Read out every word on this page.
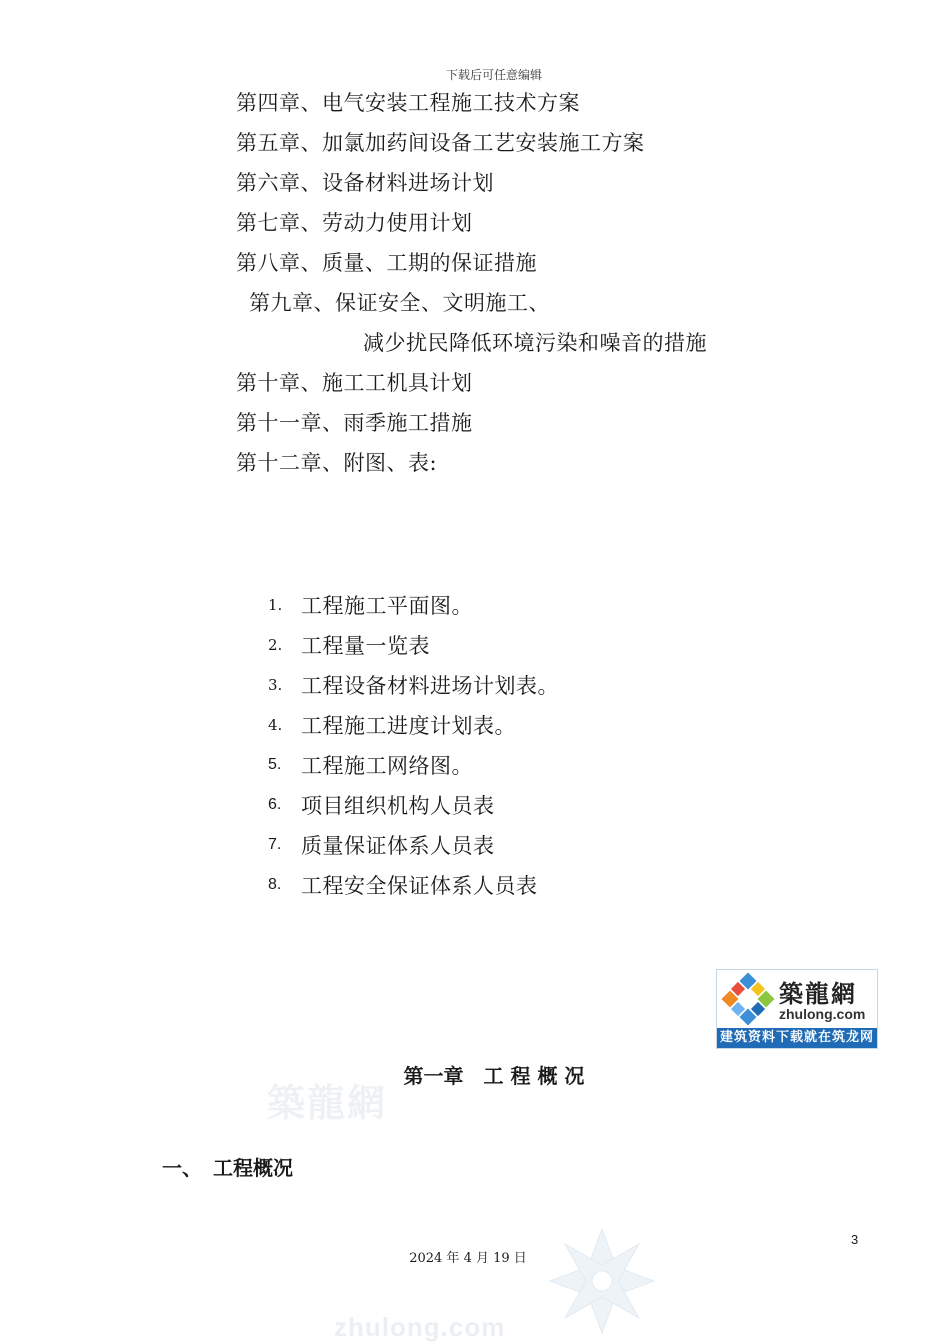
下载后可任意编辑
第四章、电气安装工程施工技术方案
第五章、加氯加药间设备工艺安装施工方案
第六章、设备材料进场计划
第七章、劳动力使用计划
第八章、质量、工期的保证措施
第九章、保证安全、文明施工、
减少扰民降低环境污染和噪音的措施
第十章、施工工机具计划
第十一章、雨季施工措施
第十二章、附图、表:
1. 工程施工平面图。
2. 工程量一览表
3. 工程设备材料进场计划表。
4. 工程施工进度计划表。
5. 工程施工网络图。
6. 项目组织机构人员表
7. 质量保证体系人员表
8. 工程安全保证体系人员表
築龍網
zhulong.com
建筑资料下载就在筑龙网
築龍網
第一章 工 程 概 况
一、 工程概况
zhulong.com
3
2024 年 4 月 19 日
